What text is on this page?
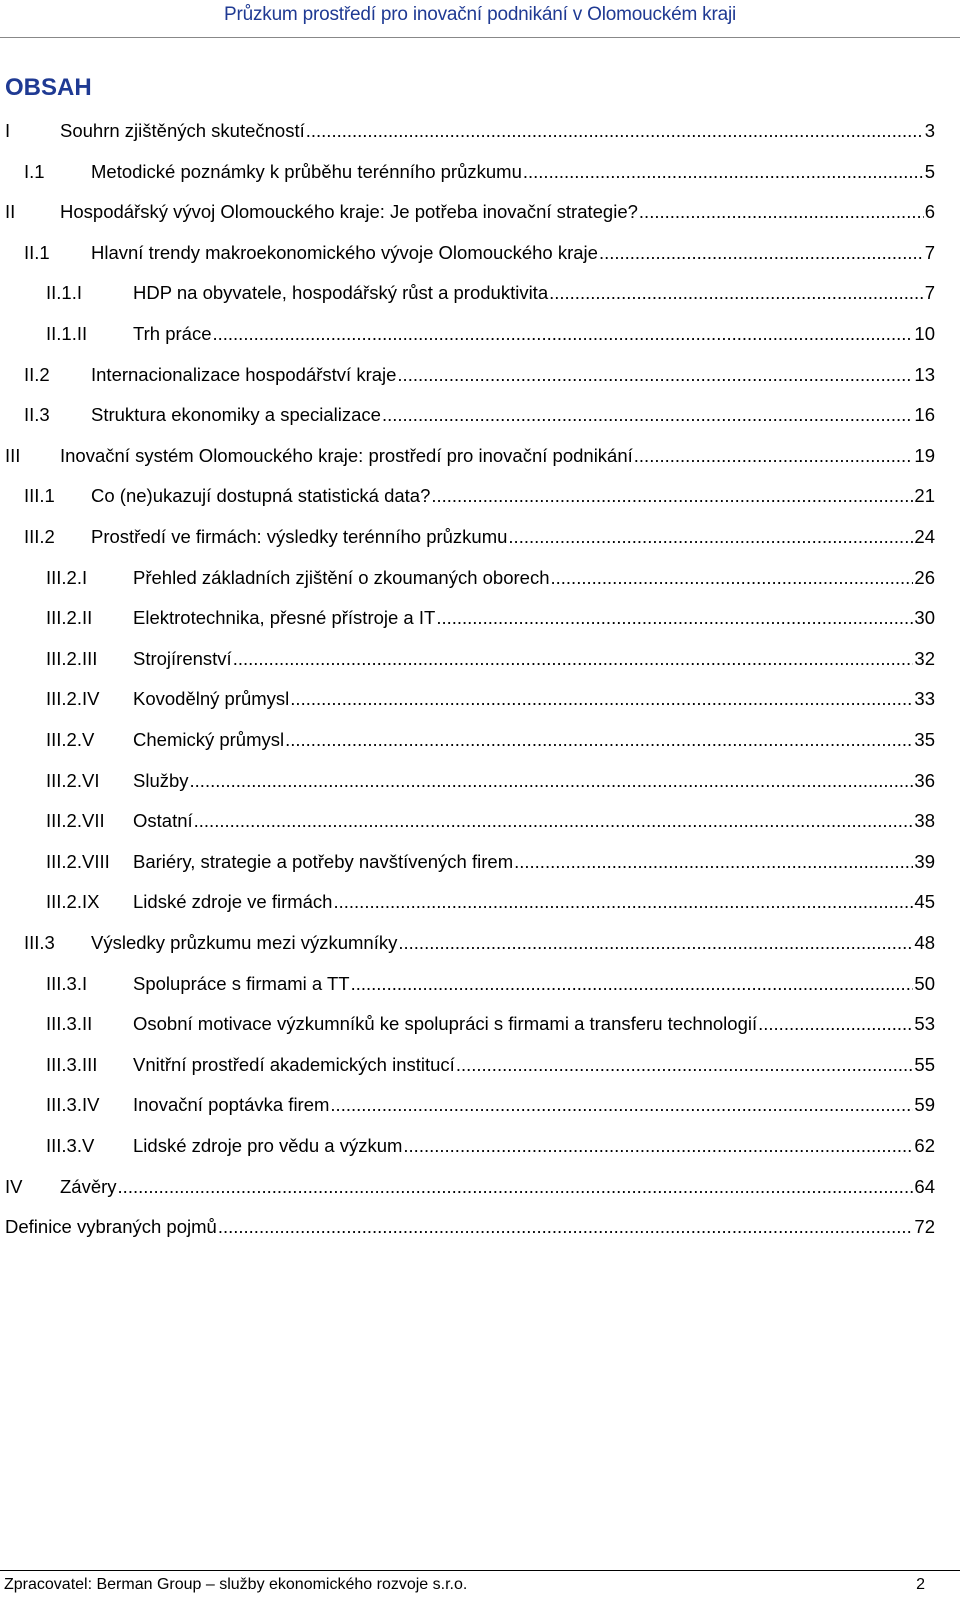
Průzkum prostředí pro inovační podnikání v Olomouckém kraji
OBSAH
I	Souhrn zjištěných skutečností .....	3
I.1	Metodické poznámky k průběhu terénního průzkumu .....	5
II Hospodářský vývoj Olomouckého kraje: Je potřeba inovační strategie? .....	6
II.1 Hlavní trendy makroekonomického vývoje Olomouckého kraje .....	7
II.1.I	HDP na obyvatele, hospodářský růst a produktivita .....	7
II.1.II Trh práce .....	10
II.2 Internacionalizace hospodářství kraje .....	13
II.3 Struktura ekonomiky a specializace .....	16
III Inovační systém Olomouckého kraje: prostředí pro inovační podnikání .....	19
III.1 Co (ne)ukazují dostupná statistická data? .....	21
III.2 Prostředí ve firmách: výsledky terénního průzkumu .....	24
III.2.I Přehled základních zjištění o zkoumaných oborech .....	26
III.2.II Elektrotechnika, přesné přístroje a IT .....	30
III.2.III Strojírenství .....	32
III.2.IV Kovodělný průmysl .....	33
III.2.V Chemický průmysl .....	35
III.2.VI Služby .....	36
III.2.VII Ostatní .....	38
III.2.VIII Bariéry, strategie a potřeby navštívených firem .....	39
III.2.IX Lidské zdroje ve firmách .....	45
III.3 Výsledky průzkumu mezi výzkumníky .....	48
III.3.I Spolupráce s firmami a TT .....	50
III.3.II Osobní motivace výzkumníků ke spolupráci s firmami a transferu technologií .....	53
III.3.III Vnitřní prostředí akademických institucí .....	55
III.3.IV Inovační poptávka firem .....	59
III.3.V Lidské zdroje pro vědu a výzkum .....	62
IV Závěry .....	64
Definice vybraných pojmů .....	72
Zpracovatel: Berman Group – služby ekonomického rozvoje s.r.o.	2
